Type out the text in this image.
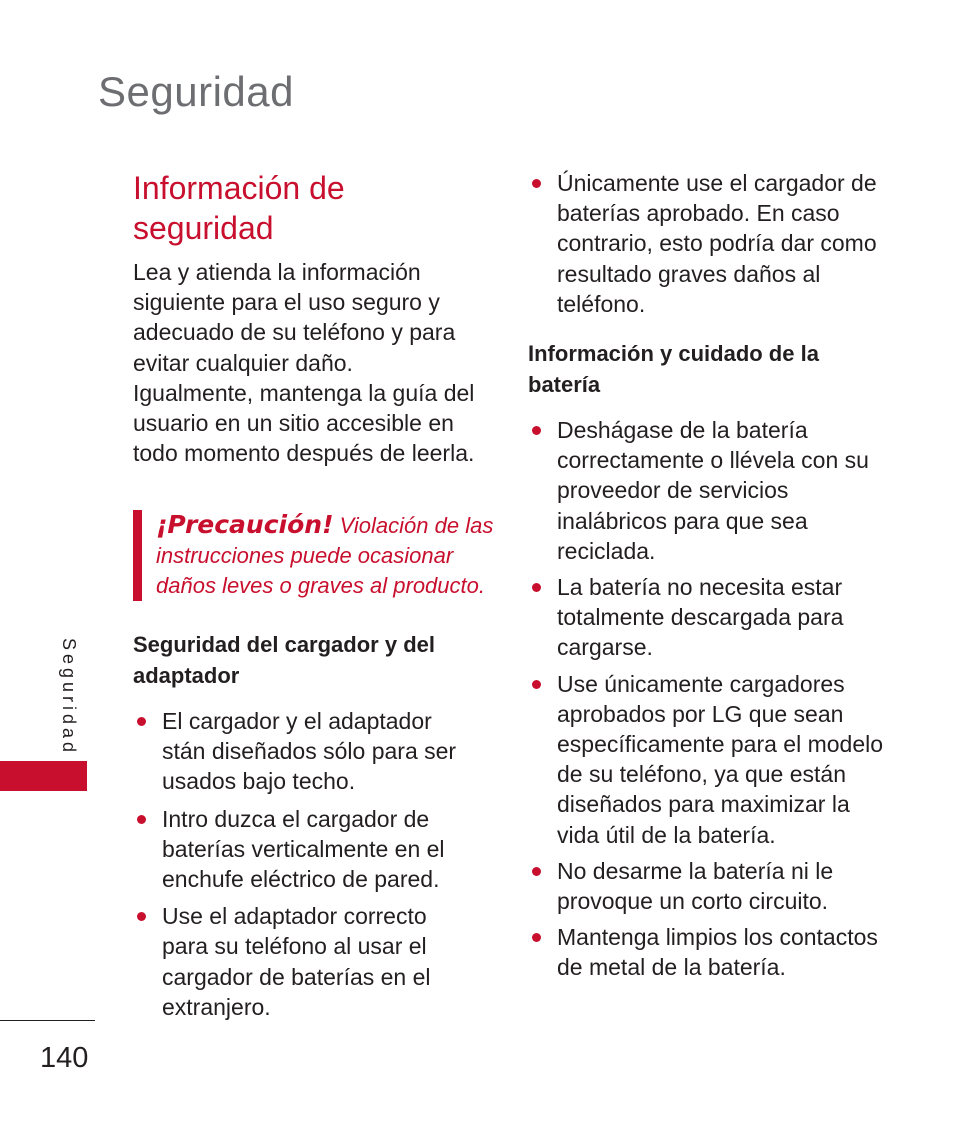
Seguridad
Información de seguridad

Lea y atienda la información siguiente para el uso seguro y adecuado de su teléfono y para evitar cualquier daño. Igualmente, mantenga la guía del usuario en un sitio accesible en todo momento después de leerla.

¡Precaución! Violación de las instrucciones puede ocasionar daños leves o graves al producto.
Seguridad del cargador y del adaptador
El cargador y el adaptador stán diseñados sólo para ser usados bajo techo.
Intro duzca el cargador de baterías verticalmente en el enchufe eléctrico de pared.
Use el adaptador correcto para su teléfono al usar el cargador de baterías en el extranjero.
Únicamente use el cargador de baterías aprobado. En caso contrario, esto podría dar como resultado graves daños al teléfono.
Información y cuidado de la batería
Deshágase de la batería correctamente o llévela con su proveedor de servicios inalábricos para que sea reciclada.
La batería no necesita estar totalmente descargada para cargarse.
Use únicamente cargadores aprobados por LG que sean específicamente para el modelo de su teléfono, ya que están diseñados para maximizar la vida útil de la batería.
No desarme la batería ni le provoque un corto circuito.
Mantenga limpios los contactos de metal de la batería.
Seguridad
140
